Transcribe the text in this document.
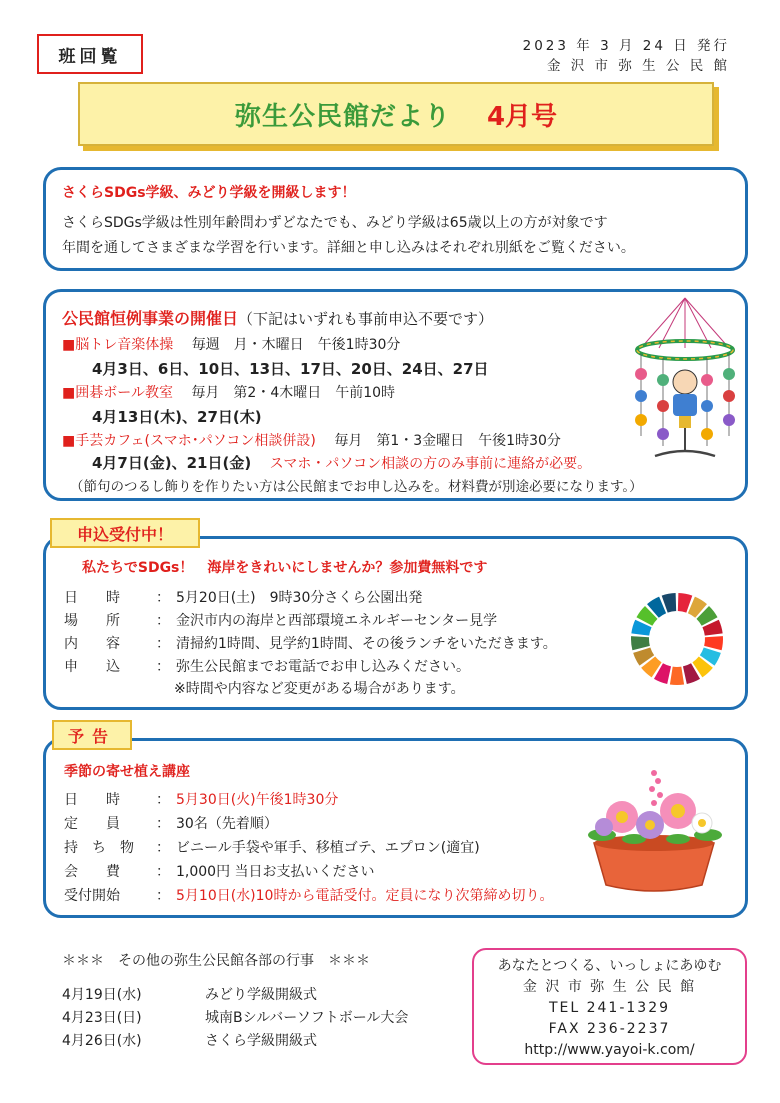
班回覧
2023 年 3 月 24 日 発行
金 沢 市 弥 生 公 民 館
弥生公民館だより 4月号
さくらSDGs学級、みどり学級を開級します！
さくらSDGs学級は性別年齢問わずどなたでも、みどり学級は65歳以上の方が対象です
年間を通してさまざまな学習を行います。詳細と申し込みはそれぞれ別紙をご覧ください。
公民館恒例事業の開催日（下記はいずれも事前申込不要です）
■脳トレ音楽体操 毎週　月・木曜日　午後1時30分
4月3日、6日、10日、13日、17日、20日、24日、27日
■囲碁ボール教室 毎月　第2・4木曜日　午前10時
4月13日(木)、27日(木)
■手芸カフェ(スマホ･パソコン相談併設) 毎月　第1・3金曜日　午後1時30分
4月7日(金)、21日(金) スマホ・パソコン相談の方のみ事前に連絡が必要。
（節句のつるし飾りを作りたい方は公民館までお申し込みを。材料費が別途必要になります。）
私たちでSDGs！　海岸をきれいにしませんか？参加費無料です
日　　時	： 5月20日(土)　9時30分さくら公園出発
場　　所	： 金沢市内の海岸と西部環境エネルギーセンター見学
内　　容	： 清掃約1時間、見学約1時間、その後ランチをいただきます。
申　　込	： 弥生公民館までお電話でお申し込みください。
※時間や内容など変更がある場合があります。
申込受付中！
季節の寄せ植え講座
日　　時	： 5月30日(火)午後1時30分
定　　員	： 30名（先着順）
持　ち　物	： ビニール手袋や軍手、移植ゴテ、エプロン(適宜)
会　　費	： 1,000円 当日お支払いください
受付開始	： 5月10日(水)10時から電話受付。定員になり次第締め切り。
予告
＊＊＊　その他の弥生公民館各部の行事　＊＊＊
4月19日(水)	みどり学級開級式
4月23日(日)	城南Bシルバーソフトボール大会
4月26日(水)	さくら学級開級式
あなたとつくる、いっしょにあゆむ
金 沢 市 弥 生 公 民 館
TEL 241-1329
FAX 236-2237
http://www.yayoi-k.com/
